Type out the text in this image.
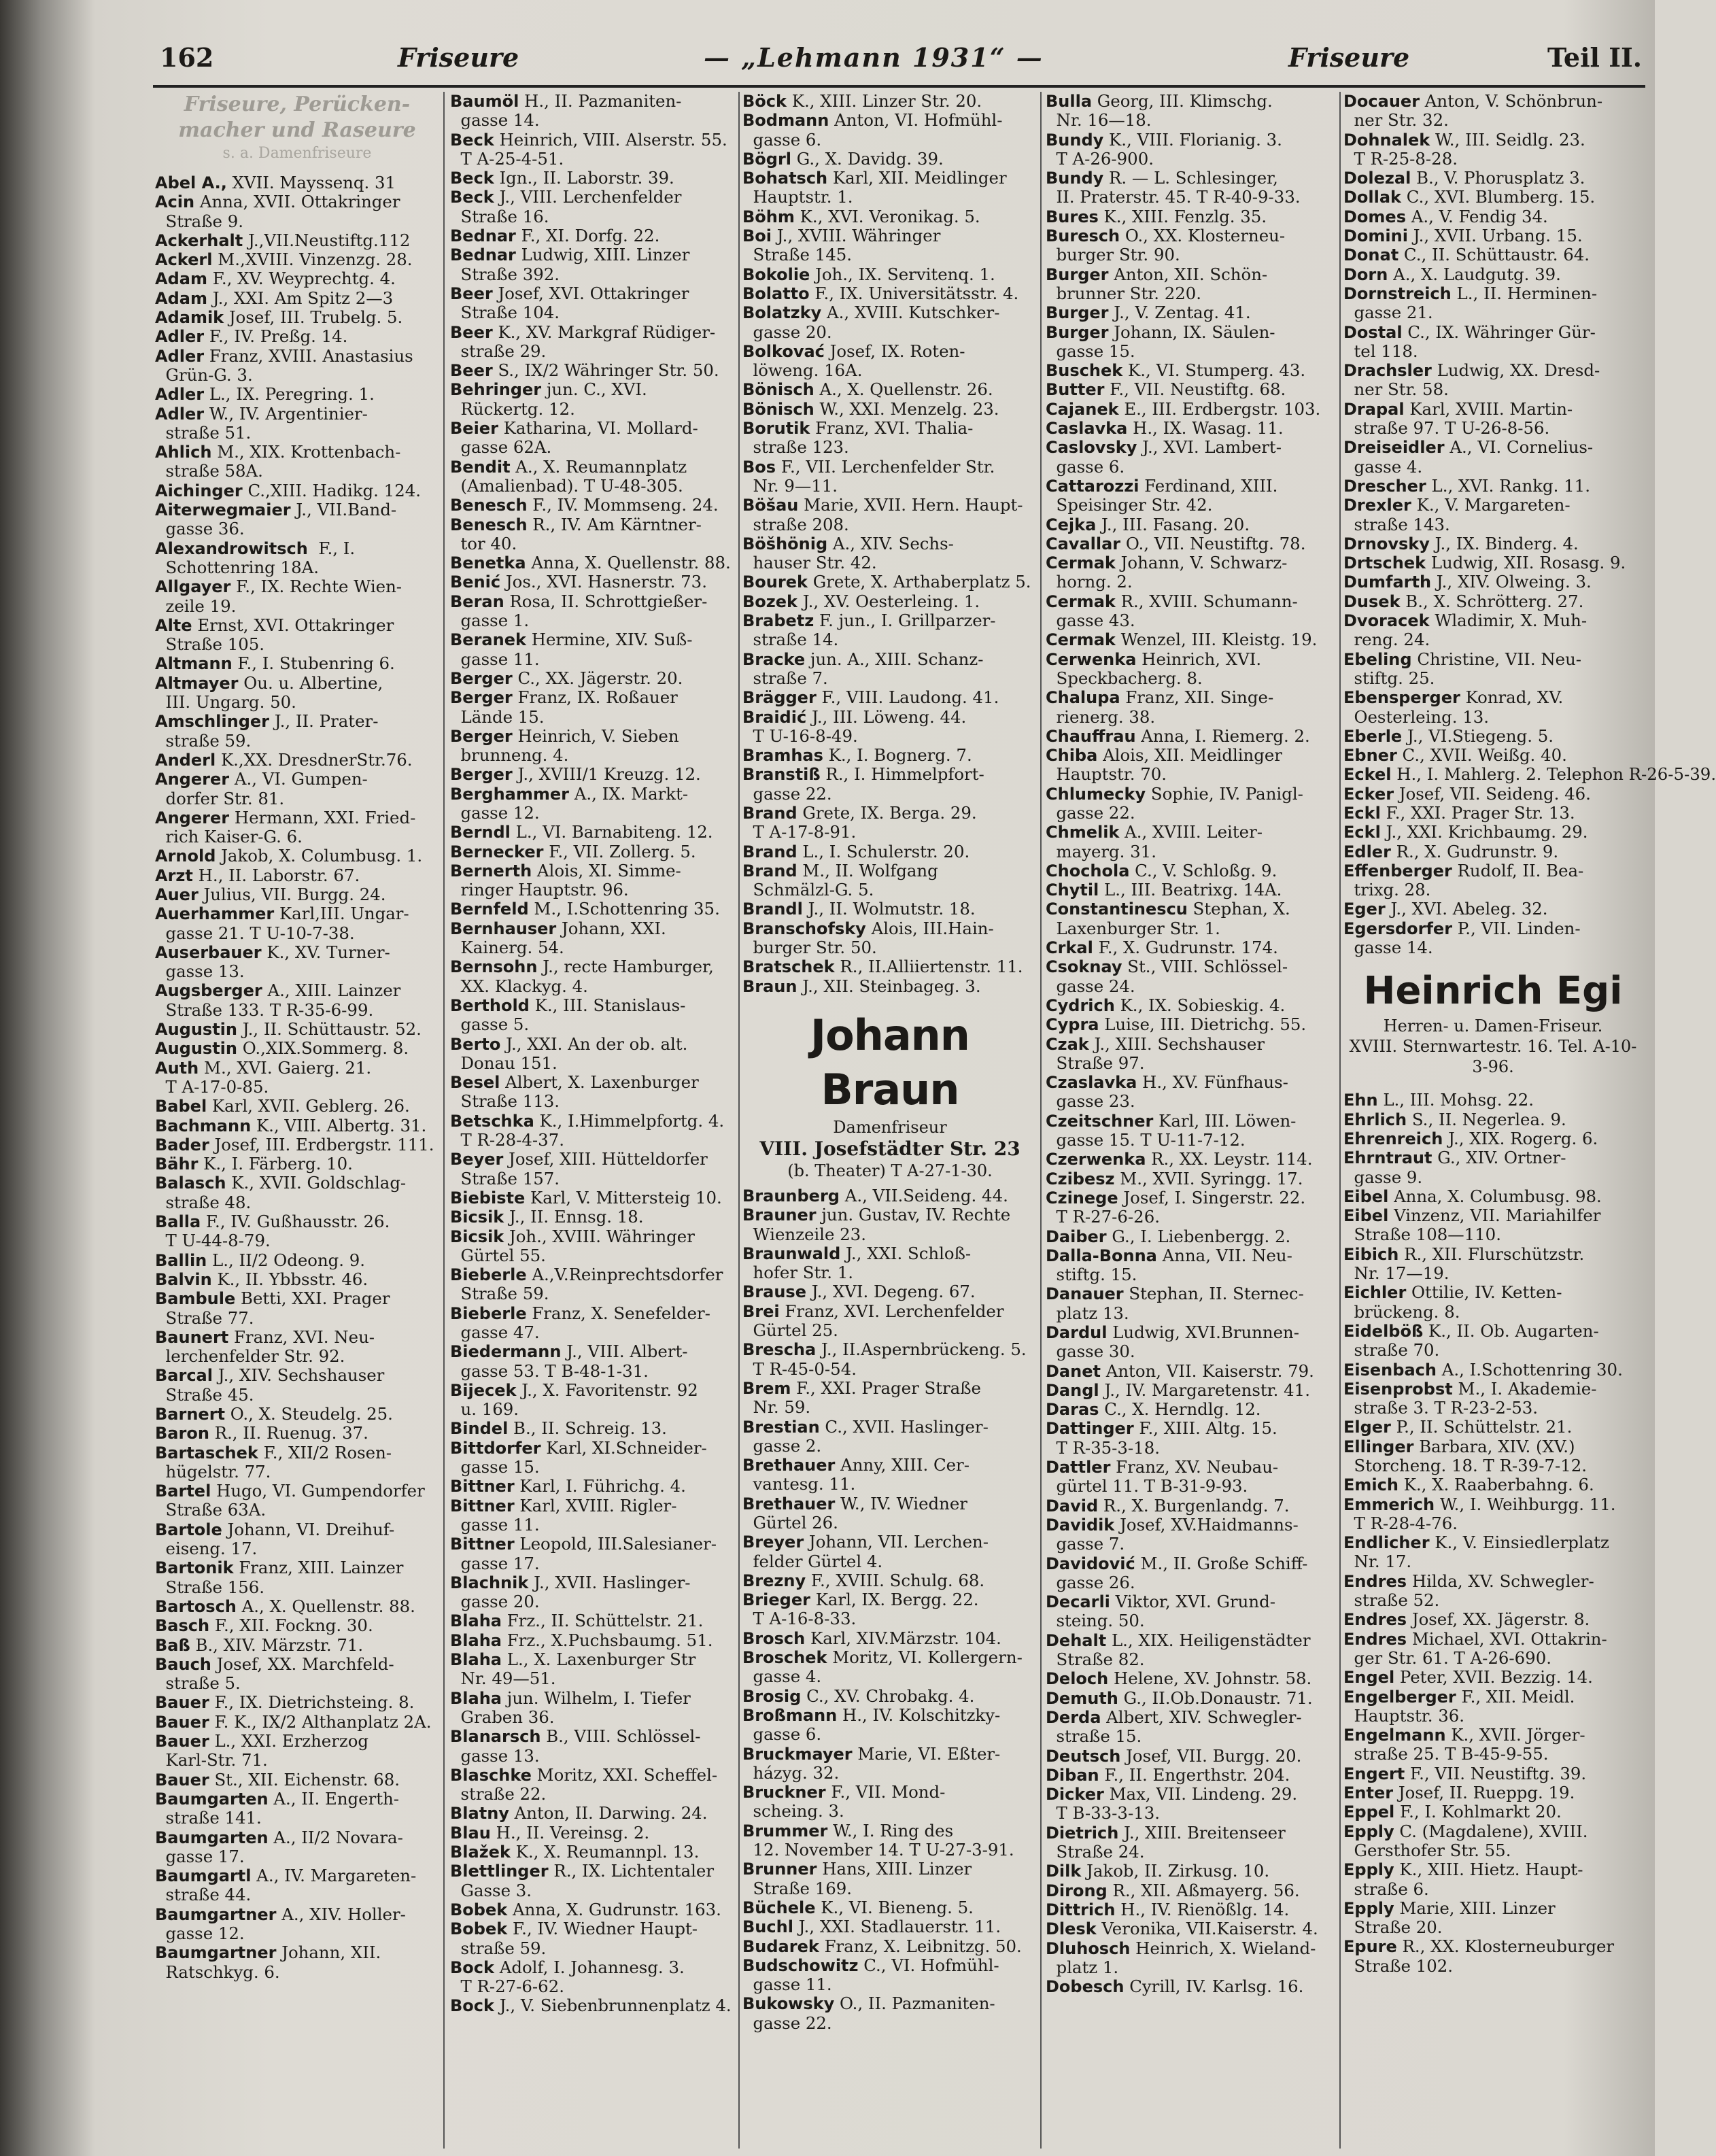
162	Friseure	— „Lehmann 1931“ —	Friseure	Teil II.
Friseure, Perücken-
macher und Raseure
s. a. Damenfriseure
Abel A., XVII. Mayssenq. 31
Acin Anna, XVII. Ottakringer
Straße 9.
Ackerhalt J.,VII.Neustiftg.112
Ackerl M.,XVIII. Vinzenzg. 28.
Adam F., XV. Weyprechtg. 4.
Adam J., XXI. Am Spitz 2—3
Adamik Josef, III. Trubelg. 5.
Adler F., IV. Preßg. 14.
Adler Franz, XVIII. Anastasius
Grün-G. 3.
Adler L., IX. Peregring. 1.
Adler W., IV. Argentinier-
straße 51.
Ahlich M., XIX. Krottenbach-
straße 58A.
Aichinger C.,XIII. Hadikg. 124.
Aiterwegmaier J., VII.Band-
gasse 36.
Alexandrowitsch  F., I.
Schottenring 18A.
Allgayer F., IX. Rechte Wien-
zeile 19.
Alte Ernst, XVI. Ottakringer
Straße 105.
Altmann F., I. Stubenring 6.
Altmayer Ou. u. Albertine,
III. Ungarg. 50.
Amschlinger J., II. Prater-
straße 59.
Anderl K.,XX. DresdnerStr.76.
Angerer A., VI. Gumpen-
dorfer Str. 81.
Angerer Hermann, XXI. Fried-
rich Kaiser-G. 6.
Arnold Jakob, X. Columbusg. 1.
Arzt H., II. Laborstr. 67.
Auer Julius, VII. Burgg. 24.
Auerhammer Karl,III. Ungar-
gasse 21. T U-10-7-38.
Auserbauer K., XV. Turner-
gasse 13.
Augsberger A., XIII. Lainzer
Straße 133. T R-35-6-99.
Augustin J., II. Schüttaustr. 52.
Augustin O.,XIX.Sommerg. 8.
Auth M., XVI. Gaierg. 21.
T A-17-0-85.
Babel Karl, XVII. Geblerg. 26.
Bachmann K., VIII. Albertg. 31.
Bader Josef, III. Erdbergstr. 111.
Bähr K., I. Färberg. 10.
Balasch K., XVII. Goldschlag-
straße 48.
Balla F., IV. Gußhausstr. 26.
T U-44-8-79.
Ballin L., II/2 Odeong. 9.
Balvin K., II. Ybbsstr. 46.
Bambule Betti, XXI. Prager
Straße 77.
Baunert Franz, XVI. Neu-
lerchenfelder Str. 92.
Barcal J., XIV. Sechshauser
Straße 45.
Barnert O., X. Steudelg. 25.
Baron R., II. Ruenug. 37.
Bartaschek F., XII/2 Rosen-
hügelstr. 77.
Bartel Hugo, VI. Gumpendorfer
Straße 63A.
Bartole Johann, VI. Dreihuf-
eiseng. 17.
Bartonik Franz, XIII. Lainzer
Straße 156.
Bartosch A., X. Quellenstr. 88.
Basch F., XII. Fockng. 30.
Baß B., XIV. Märzstr. 71.
Bauch Josef, XX. Marchfeld-
straße 5.
Bauer F., IX. Dietrichsteing. 8.
Bauer F. K., IX/2 Althanplatz 2A.
Bauer L., XXI. Erzherzog
Karl-Str. 71.
Bauer St., XII. Eichenstr. 68.
Baumgarten A., II. Engerth-
straße 141.
Baumgarten A., II/2 Novara-
gasse 17.
Baumgartl A., IV. Margareten-
straße 44.
Baumgartner A., XIV. Holler-
gasse 12.
Baumgartner Johann, XII.
Ratschkyg. 6.
Baumöl H., II. Pazmaniten-
gasse 14.
Beck Heinrich, VIII. Alserstr. 55.
T A-25-4-51.
Beck Ign., II. Laborstr. 39.
Beck J., VIII. Lerchenfelder
Straße 16.
Bednar F., XI. Dorfg. 22.
Bednar Ludwig, XIII. Linzer
Straße 392.
Beer Josef, XVI. Ottakringer
Straße 104.
Beer K., XV. Markgraf Rüdiger-
straße 29.
Beer S., IX/2 Währinger Str. 50.
Behringer jun. C., XVI.
Rückertg. 12.
Beier Katharina, VI. Mollard-
gasse 62A.
Bendit A., X. Reumannplatz
(Amalienbad). T U-48-305.
Benesch F., IV. Mommseng. 24.
Benesch R., IV. Am Kärntner-
tor 40.
Benetka Anna, X. Quellenstr. 88.
Benić Jos., XVI. Hasnerstr. 73.
Beran Rosa, II. Schrottgießer-
gasse 1.
Beranek Hermine, XIV. Suß-
gasse 11.
Berger C., XX. Jägerstr. 20.
Berger Franz, IX. Roßauer
Lände 15.
Berger Heinrich, V. Sieben
brunneng. 4.
Berger J., XVIII/1 Kreuzg. 12.
Berghammer A., IX. Markt-
gasse 12.
Berndl L., VI. Barnabiteng. 12.
Bernecker F., VII. Zollerg. 5.
Bernerth Alois, XI. Simme-
ringer Hauptstr. 96.
Bernfeld M., I.Schottenring 35.
Bernhauser Johann, XXI.
Kainerg. 54.
Bernsohn J., recte Hamburger,
XX. Klackyg. 4.
Berthold K., III. Stanislaus-
gasse 5.
Berto J., XXI. An der ob. alt.
Donau 151.
Besel Albert, X. Laxenburger
Straße 113.
Betschka K., I.Himmelpfortg. 4.
T R-28-4-37.
Beyer Josef, XIII. Hütteldorfer
Straße 157.
Biebiste Karl, V. Mittersteig 10.
Bicsik J., II. Ennsg. 18.
Bicsik Joh., XVIII. Währinger
Gürtel 55.
Bieberle A.,V.Reinprechtsdorfer
Straße 59.
Bieberle Franz, X. Senefelder-
gasse 47.
Biedermann J., VIII. Albert-
gasse 53. T B-48-1-31.
Bijecek J., X. Favoritenstr. 92
u. 169.
Bindel B., II. Schreig. 13.
Bittdorfer Karl, XI.Schneider-
gasse 15.
Bittner Karl, I. Führichg. 4.
Bittner Karl, XVIII. Rigler-
gasse 11.
Bittner Leopold, III.Salesianer-
gasse 17.
Blachnik J., XVII. Haslinger-
gasse 20.
Blaha Frz., II. Schüttelstr. 21.
Blaha Frz., X.Puchsbaumg. 51.
Blaha L., X. Laxenburger Str
Nr. 49—51.
Blaha jun. Wilhelm, I. Tiefer
Graben 36.
Blanarsch B., VIII. Schlössel-
gasse 13.
Blaschke Moritz, XXI. Scheffel-
straße 22.
Blatny Anton, II. Darwing. 24.
Blau H., II. Vereinsg. 2.
Blažek K., X. Reumannpl. 13.
Blettlinger R., IX. Lichtentaler
Gasse 3.
Bobek Anna, X. Gudrunstr. 163.
Bobek F., IV. Wiedner Haupt-
straße 59.
Bock Adolf, I. Johannesg. 3.
T R-27-6-62.
Bock J., V. Siebenbrunnenplatz 4.
Böck K., XIII. Linzer Str. 20.
Bodmann Anton, VI. Hofmühl-
gasse 6.
Bögrl G., X. Davidg. 39.
Bohatsch Karl, XII. Meidlinger
Hauptstr. 1.
Böhm K., XVI. Veronikag. 5.
Boi J., XVIII. Währinger
Straße 145.
Bokolie Joh., IX. Servitenq. 1.
Bolatto F., IX. Universitätsstr. 4.
Bolatzky A., XVIII. Kutschker-
gasse 20.
Bolkovać Josef, IX. Roten-
löweng. 16A.
Bönisch A., X. Quellenstr. 26.
Bönisch W., XXI. Menzelg. 23.
Borutik Franz, XVI. Thalia-
straße 123.
Bos F., VII. Lerchenfelder Str.
Nr. 9—11.
Böšau Marie, XVII. Hern. Haupt-
straße 208.
Böšhönig A., XIV. Sechs-
hauser Str. 42.
Bourek Grete, X. Arthaberplatz 5.
Bozek J., XV. Oesterleing. 1.
Brabetz F. jun., I. Grillparzer-
straße 14.
Bracke jun. A., XIII. Schanz-
straße 7.
Brägger F., VIII. Laudong. 41.
Braidić J., III. Löweng. 44.
T U-16-8-49.
Bramhas K., I. Bognerg. 7.
Branstiß R., I. Himmelpfort-
gasse 22.
Brand Grete, IX. Berga. 29.
T A-17-8-91.
Brand L., I. Schulerstr. 20.
Brand M., II. Wolfgang
Schmälzl-G. 5.
Brandl J., II. Wolmutstr. 18.
Branschofsky Alois, III.Hain-
burger Str. 50.
Bratschek R., II.Alliiertenstr. 11.
Braun J., XII. Steinbageg. 3.
Johann Braun
Damenfriseur
VIII. Josefstädter Str. 23
(b. Theater) T A-27-1-30.
Braunberg A., VII.Seideng. 44.
Brauner jun. Gustav, IV. Rechte
Wienzeile 23.
Braunwald J., XXI. Schloß-
hofer Str. 1.
Brause J., XVI. Degeng. 67.
Brei Franz, XVI. Lerchenfelder
Gürtel 25.
Brescha J., II.Aspernbrückeng. 5.
T R-45-0-54.
Brem F., XXI. Prager Straße
Nr. 59.
Brestian C., XVII. Haslinger-
gasse 2.
Brethauer Anny, XIII. Cer-
vantesg. 11.
Brethauer W., IV. Wiedner
Gürtel 26.
Breyer Johann, VII. Lerchen-
felder Gürtel 4.
Brezny F., XVIII. Schulg. 68.
Brieger Karl, IX. Bergg. 22.
T A-16-8-33.
Brosch Karl, XIV.Märzstr. 104.
Broschek Moritz, VI. Kollergern-
gasse 4.
Brosig C., XV. Chrobakg. 4.
Broßmann H., IV. Kolschitzky-
gasse 6.
Bruckmayer Marie, VI. Eßter-
házyg. 32.
Bruckner F., VII. Mond-
scheing. 3.
Brummer W., I. Ring des
12. November 14. T U-27-3-91.
Brunner Hans, XIII. Linzer
Straße 169.
Büchele K., VI. Bieneng. 5.
Buchl J., XXI. Stadlauerstr. 11.
Budarek Franz, X. Leibnitzg. 50.
Budschowitz C., VI. Hofmühl-
gasse 11.
Bukowsky O., II. Pazmaniten-
gasse 22.
Bulla Georg, III. Klimschg.
Nr. 16—18.
Bundy K., VIII. Florianig. 3.
T A-26-900.
Bundy R. — L. Schlesinger,
II. Praterstr. 45. T R-40-9-33.
Bures K., XIII. Fenzlg. 35.
Buresch O., XX. Klosterneu-
burger Str. 90.
Burger Anton, XII. Schön-
brunner Str. 220.
Burger J., V. Zentag. 41.
Burger Johann, IX. Säulen-
gasse 15.
Buschek K., VI. Stumperg. 43.
Butter F., VII. Neustiftg. 68.
Cajanek E., III. Erdbergstr. 103.
Caslavka H., IX. Wasag. 11.
Caslovsky J., XVI. Lambert-
gasse 6.
Cattarozzi Ferdinand, XIII.
Speisinger Str. 42.
Cejka J., III. Fasang. 20.
Cavallar O., VII. Neustiftg. 78.
Cermak Johann, V. Schwarz-
horng. 2.
Cermak R., XVIII. Schumann-
gasse 43.
Cermak Wenzel, III. Kleistg. 19.
Cerwenka Heinrich, XVI.
Speckbacherg. 8.
Chalupa Franz, XII. Singe-
rienerg. 38.
Chauffrau Anna, I. Riemerg. 2.
Chiba Alois, XII. Meidlinger
Hauptstr. 70.
Chlumecky Sophie, IV. Panigl-
gasse 22.
Chmelik A., XVIII. Leiter-
mayerg. 31.
Chochola C., V. Schloßg. 9.
Chytil L., III. Beatrixg. 14A.
Constantinescu Stephan, X.
Laxenburger Str. 1.
Crkal F., X. Gudrunstr. 174.
Csoknay St., VIII. Schlössel-
gasse 24.
Cydrich K., IX. Sobieskig. 4.
Cypra Luise, III. Dietrichg. 55.
Czak J., XIII. Sechshauser
Straße 97.
Czaslavka H., XV. Fünfhaus-
gasse 23.
Czeitschner Karl, III. Löwen-
gasse 15. T U-11-7-12.
Czerwenka R., XX. Leystr. 114.
Czibesz M., XVII. Syringg. 17.
Czinege Josef, I. Singerstr. 22.
T R-27-6-26.
Daiber G., I. Liebenbergg. 2.
Dalla-Bonna Anna, VII. Neu-
stiftg. 15.
Danauer Stephan, II. Sternec-
platz 13.
Dardul Ludwig, XVI.Brunnen-
gasse 30.
Danet Anton, VII. Kaiserstr. 79.
Dangl J., IV. Margaretenstr. 41.
Daras C., X. Herndlg. 12.
Dattinger F., XIII. Altg. 15.
T R-35-3-18.
Dattler Franz, XV. Neubau-
gürtel 11. T B-31-9-93.
David R., X. Burgenlandg. 7.
Davidik Josef, XV.Haidmanns-
gasse 7.
Davidović M., II. Große Schiff-
gasse 26.
Decarli Viktor, XVI. Grund-
steing. 50.
Dehalt L., XIX. Heiligenstädter
Straße 82.
Deloch Helene, XV. Johnstr. 58.
Demuth G., II.Ob.Donaustr. 71.
Derda Albert, XIV. Schwegler-
straße 15.
Deutsch Josef, VII. Burgg. 20.
Diban F., II. Engerthstr. 204.
Dicker Max, VII. Lindeng. 29.
T B-33-3-13.
Dietrich J., XIII. Breitenseer
Straße 24.
Dilk Jakob, II. Zirkusg. 10.
Dirong R., XII. Aßmayerg. 56.
Dittrich H., IV. Rienößlg. 14.
Dlesk Veronika, VII.Kaiserstr. 4.
Dluhosch Heinrich, X. Wieland-
platz 1.
Dobesch Cyrill, IV. Karlsg. 16.
Docauer Anton, V. Schönbrun-
ner Str. 32.
Dohnalek W., III. Seidlg. 23.
T R-25-8-28.
Dolezal B., V. Phorusplatz 3.
Dollak C., XVI. Blumberg. 15.
Domes A., V. Fendig 34.
Domini J., XVII. Urbang. 15.
Donat C., II. Schüttaustr. 64.
Dorn A., X. Laudgutg. 39.
Dornstreich L., II. Herminen-
gasse 21.
Dostal C., IX. Währinger Gür-
tel 118.
Drachsler Ludwig, XX. Dresd-
ner Str. 58.
Drapal Karl, XVIII. Martin-
straße 97. T U-26-8-56.
Dreiseidler A., VI. Cornelius-
gasse 4.
Drescher L., XVI. Rankg. 11.
Drexler K., V. Margareten-
straße 143.
Drnovsky J., IX. Binderg. 4.
Drtschek Ludwig, XII. Rosasg. 9.
Dumfarth J., XIV. Olweing. 3.
Dusek B., X. Schrötterg. 27.
Dvoracek Wladimir, X. Muh-
reng. 24.
Ebeling Christine, VII. Neu-
stiftg. 25.
Ebensperger Konrad, XV.
Oesterleing. 13.
Eberle J., VI.Stiegeng. 5.
Ebner C., XVII. Weißg. 40.
Eckel H., I. Mahlerg. 2. Telephon R-26-5-39.
Ecker Josef, VII. Seideng. 46.
Eckl F., XXI. Prager Str. 13.
Eckl J., XXI. Krichbaumg. 29.
Edler R., X. Gudrunstr. 9.
Effenberger Rudolf, II. Bea-
trixg. 28.
Eger J., XVI. Abeleg. 32.
Egersdorfer P., VII. Linden-
gasse 14.
Heinrich Egi
Herren- u. Damen-Friseur.
XVIII. Sternwartestr. 16. Tel. A-10-3-96.
Ehn L., III. Mohsg. 22.
Ehrlich S., II. Negerlea. 9.
Ehrenreich J., XIX. Rogerg. 6.
Ehrntraut G., XIV. Ortner-
gasse 9.
Eibel Anna, X. Columbusg. 98.
Eibel Vinzenz, VII. Mariahilfer
Straße 108—110.
Eibich R., XII. Flurschützstr.
Nr. 17—19.
Eichler Ottilie, IV. Ketten-
brückeng. 8.
Eidelböß K., II. Ob. Augarten-
straße 70.
Eisenbach A., I.Schottenring 30.
Eisenprobst M., I. Akademie-
straße 3. T R-23-2-53.
Elger P., II. Schüttelstr. 21.
Ellinger Barbara, XIV. (XV.)
Storcheng. 18. T R-39-7-12.
Emich K., X. Raaberbahng. 6.
Emmerich W., I. Weihburgg. 11.
T R-28-4-76.
Endlicher K., V. Einsiedlerplatz
Nr. 17.
Endres Hilda, XV. Schwegler-
straße 52.
Endres Josef, XX. Jägerstr. 8.
Endres Michael, XVI. Ottakrin-
ger Str. 61. T A-26-690.
Engel Peter, XVII. Bezzig. 14.
Engelberger F., XII. Meidl.
Hauptstr. 36.
Engelmann K., XVII. Jörger-
straße 25. T B-45-9-55.
Engert F., VII. Neustiftg. 39.
Enter Josef, II. Rueppg. 19.
Eppel F., I. Kohlmarkt 20.
Epply C. (Magdalene), XVIII.
Gersthofer Str. 55.
Epply K., XIII. Hietz. Haupt-
straße 6.
Epply Marie, XIII. Linzer
Straße 20.
Epure R., XX. Klosterneuburger
Straße 102.
